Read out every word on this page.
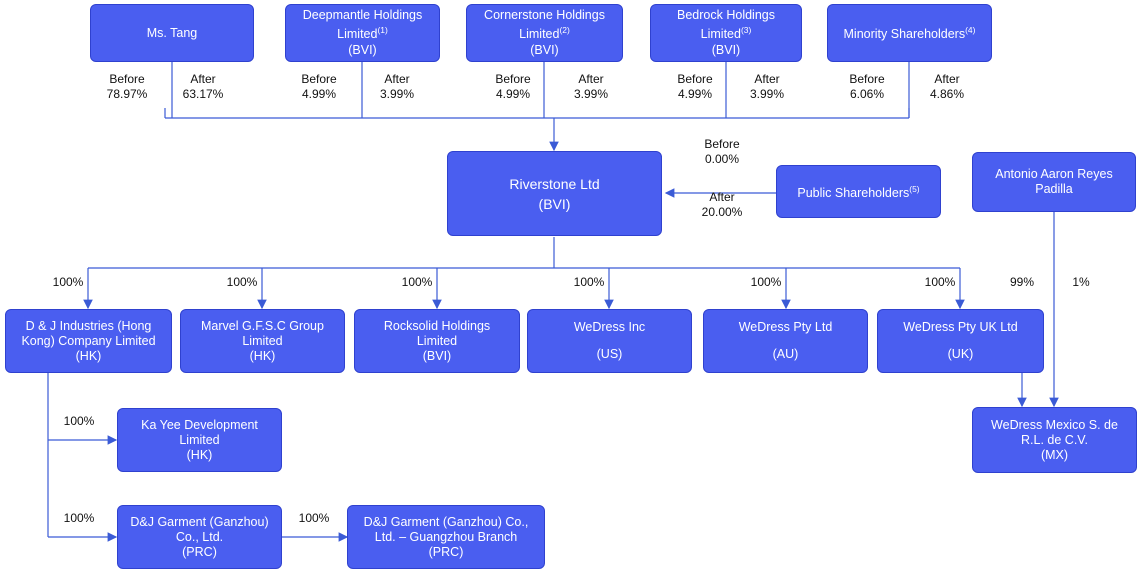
Ms. Tang
Deepmantle Holdings
Limited$^{(1)}$
(BVI)
Cornerstone Holdings
Limited$^{(2)}$
(BVI)
Bedrock Holdings
Limited$^{(3)}$
(BVI)
Minority Shareholders$^{(4)}$
Before
78.97%
After
63.17%
Before
4.99%
After
3.99%
Before
4.99%
After
3.99%
Before
4.99%
After
3.99%
Before
6.06%
After
4.86%
Riverstone Ltd
(BVI)
Public Shareholders$^{(5)}$
Before
0.00%
After
20.00%
Antonio Aaron Reyes
Padilla
D & J Industries (Hong
Kong) Company Limited
(HK)
Marvel G.F.S.C Group
Limited
(HK)
Rocksolid Holdings
Limited
(BVI)
WeDress Inc
(US)
WeDress Pty Ltd
(AU)
WeDress Pty UK Ltd
(UK)
100%	100%	100%	100%	100%	100%	99%	1%
WeDress Mexico S. de
R.L. de C.V.
(MX)
Ka Yee Development
Limited
(HK)
100%
D&J Garment (Ganzhou)
Co., Ltd.
(PRC)
100%	D&J Garment (Ganzhou) Co.,
Ltd. – Guangzhou Branch
(PRC)
100%
